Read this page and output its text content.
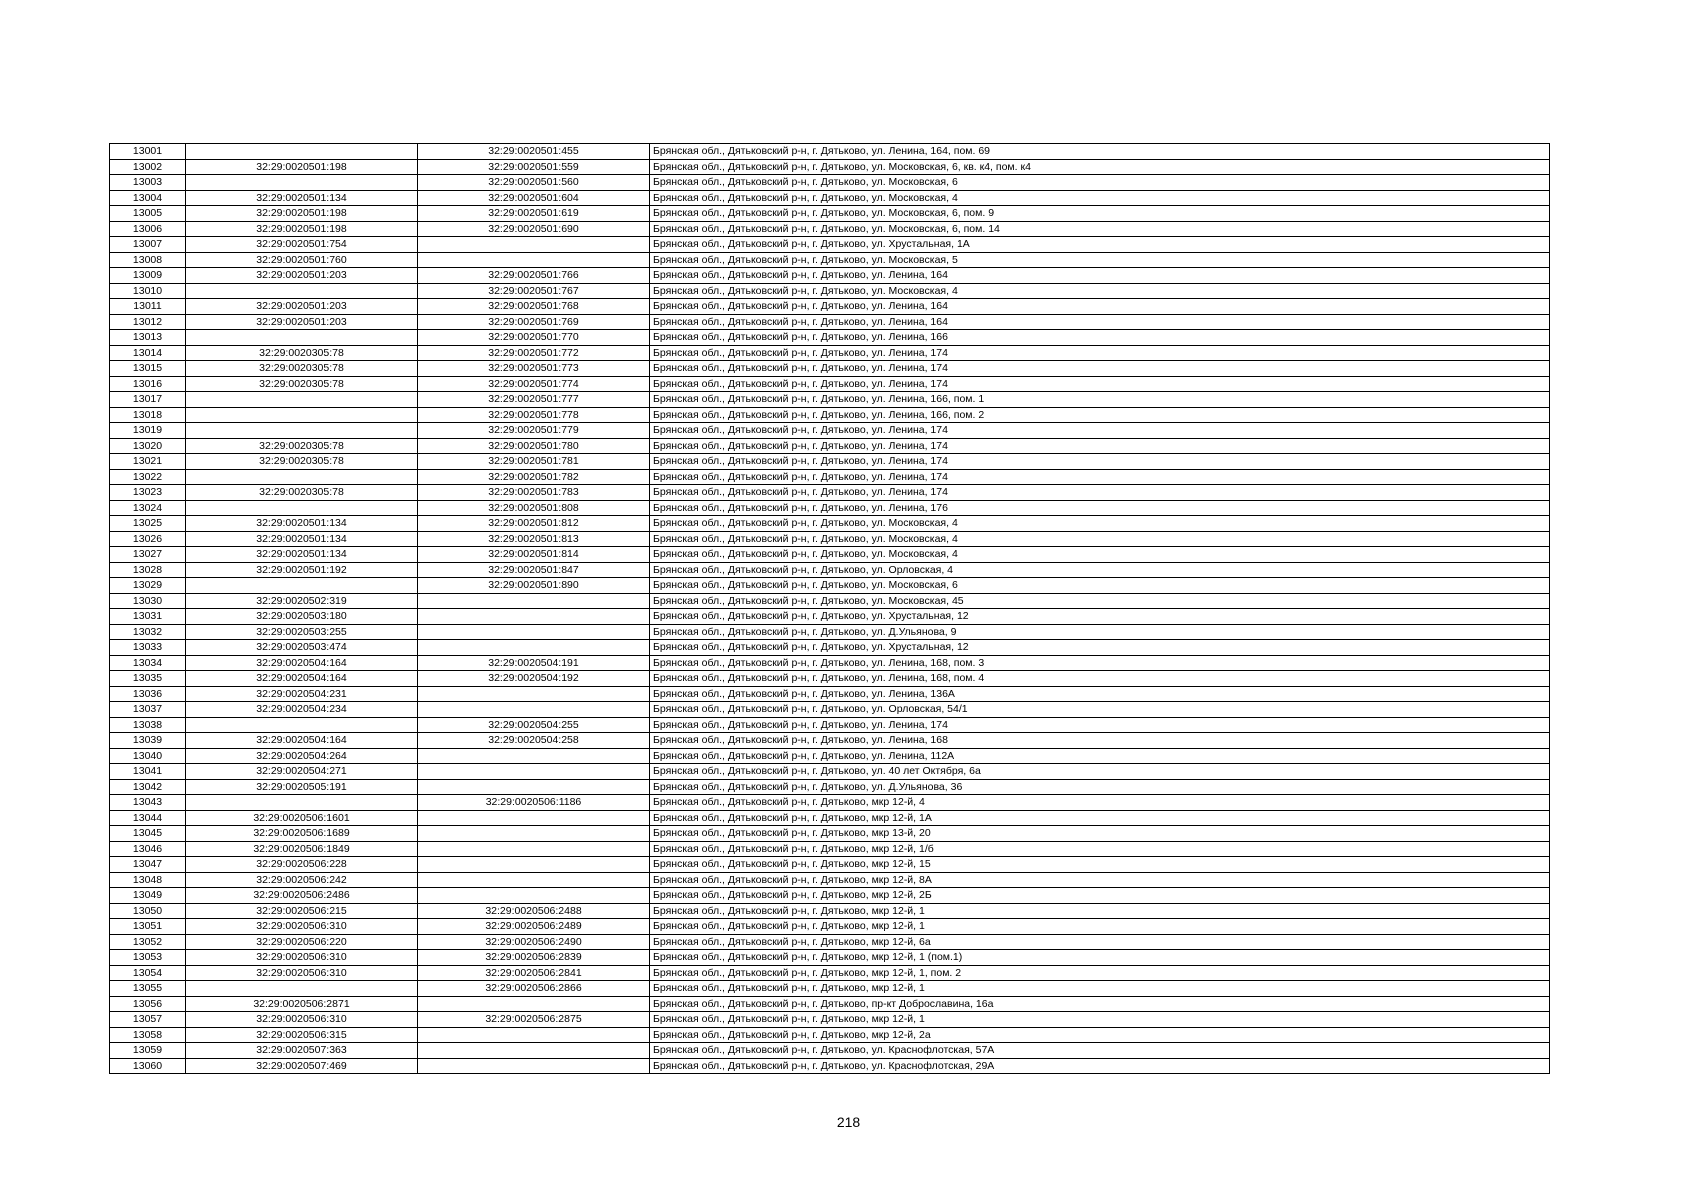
13001		32:29:0020501:455	Брянская обл., Дятьковский р-н, г. Дятьково, ул. Ленина, 164, пом. 69
13002	32:29:0020501:198	32:29:0020501:559	Брянская обл., Дятьковский р-н, г. Дятьково, ул. Московская, 6, кв. к4, пом. к4
13003		32:29:0020501:560	Брянская обл., Дятьковский р-н, г. Дятьково, ул. Московская, 6
13004	32:29:0020501:134	32:29:0020501:604	Брянская обл., Дятьковский р-н, г. Дятьково, ул. Московская, 4
13005	32:29:0020501:198	32:29:0020501:619	Брянская обл., Дятьковский р-н, г. Дятьково, ул. Московская, 6, пом. 9
13006	32:29:0020501:198	32:29:0020501:690	Брянская обл., Дятьковский р-н, г. Дятьково, ул. Московская, 6, пом. 14
13007	32:29:0020501:754		Брянская обл., Дятьковский р-н, г. Дятьково, ул. Хрустальная, 1А
13008	32:29:0020501:760		Брянская обл., Дятьковский р-н, г. Дятьково, ул. Московская, 5
13009	32:29:0020501:203	32:29:0020501:766	Брянская обл., Дятьковский р-н, г. Дятьково, ул. Ленина, 164
13010		32:29:0020501:767	Брянская обл., Дятьковский р-н, г. Дятьково, ул. Московская, 4
13011	32:29:0020501:203	32:29:0020501:768	Брянская обл., Дятьковский р-н, г. Дятьково, ул. Ленина, 164
13012	32:29:0020501:203	32:29:0020501:769	Брянская обл., Дятьковский р-н, г. Дятьково, ул. Ленина, 164
13013		32:29:0020501:770	Брянская обл., Дятьковский р-н, г. Дятьково, ул. Ленина, 166
13014	32:29:0020305:78	32:29:0020501:772	Брянская обл., Дятьковский р-н, г. Дятьково, ул. Ленина, 174
13015	32:29:0020305:78	32:29:0020501:773	Брянская обл., Дятьковский р-н, г. Дятьково, ул. Ленина, 174
13016	32:29:0020305:78	32:29:0020501:774	Брянская обл., Дятьковский р-н, г. Дятьково, ул. Ленина, 174
13017		32:29:0020501:777	Брянская обл., Дятьковский р-н, г. Дятьково, ул. Ленина, 166, пом. 1
13018		32:29:0020501:778	Брянская обл., Дятьковский р-н, г. Дятьково, ул. Ленина, 166, пом. 2
13019		32:29:0020501:779	Брянская обл., Дятьковский р-н, г. Дятьково, ул. Ленина, 174
13020	32:29:0020305:78	32:29:0020501:780	Брянская обл., Дятьковский р-н, г. Дятьково, ул. Ленина, 174
13021	32:29:0020305:78	32:29:0020501:781	Брянская обл., Дятьковский р-н, г. Дятьково, ул. Ленина, 174
13022		32:29:0020501:782	Брянская обл., Дятьковский р-н, г. Дятьково, ул. Ленина, 174
13023	32:29:0020305:78	32:29:0020501:783	Брянская обл., Дятьковский р-н, г. Дятьково, ул. Ленина, 174
13024		32:29:0020501:808	Брянская обл., Дятьковский р-н, г. Дятьково, ул. Ленина, 176
13025	32:29:0020501:134	32:29:0020501:812	Брянская обл., Дятьковский р-н, г. Дятьково, ул. Московская, 4
13026	32:29:0020501:134	32:29:0020501:813	Брянская обл., Дятьковский р-н, г. Дятьково, ул. Московская, 4
13027	32:29:0020501:134	32:29:0020501:814	Брянская обл., Дятьковский р-н, г. Дятьково, ул. Московская, 4
13028	32:29:0020501:192	32:29:0020501:847	Брянская обл., Дятьковский р-н, г. Дятьково, ул. Орловская, 4
13029		32:29:0020501:890	Брянская обл., Дятьковский р-н, г. Дятьково, ул. Московская, 6
13030	32:29:0020502:319		Брянская обл., Дятьковский р-н, г. Дятьково, ул. Московская, 45
13031	32:29:0020503:180		Брянская обл., Дятьковский р-н, г. Дятьково, ул. Хрустальная, 12
13032	32:29:0020503:255		Брянская обл., Дятьковский р-н, г. Дятьково, ул. Д.Ульянова, 9
13033	32:29:0020503:474		Брянская обл., Дятьковский р-н, г. Дятьково, ул. Хрустальная, 12
13034	32:29:0020504:164	32:29:0020504:191	Брянская обл., Дятьковский р-н, г. Дятьково, ул. Ленина, 168, пом. 3
13035	32:29:0020504:164	32:29:0020504:192	Брянская обл., Дятьковский р-н, г. Дятьково, ул. Ленина, 168, пом. 4
13036	32:29:0020504:231		Брянская обл., Дятьковский р-н, г. Дятьково, ул. Ленина, 136А
13037	32:29:0020504:234		Брянская обл., Дятьковский р-н, г. Дятьково, ул. Орловская, 54/1
13038		32:29:0020504:255	Брянская обл., Дятьковский р-н, г. Дятьково, ул. Ленина, 174
13039	32:29:0020504:164	32:29:0020504:258	Брянская обл., Дятьковский р-н, г. Дятьково, ул. Ленина, 168
13040	32:29:0020504:264		Брянская обл., Дятьковский р-н, г. Дятьково, ул. Ленина, 112А
13041	32:29:0020504:271		Брянская обл., Дятьковский р-н, г. Дятьково, ул. 40 лет Октября, 6а
13042	32:29:0020505:191		Брянская обл., Дятьковский р-н, г. Дятьково, ул. Д.Ульянова, 36
13043		32:29:0020506:1186	Брянская обл., Дятьковский р-н, г. Дятьково, мкр 12-й, 4
13044	32:29:0020506:1601		Брянская обл., Дятьковский р-н, г. Дятьково, мкр 12-й, 1А
13045	32:29:0020506:1689		Брянская обл., Дятьковский р-н, г. Дятьково, мкр 13-й, 20
13046	32:29:0020506:1849		Брянская обл., Дятьковский р-н, г. Дятьково, мкр 12-й, 1/б
13047	32:29:0020506:228		Брянская обл., Дятьковский р-н, г. Дятьково, мкр 12-й, 15
13048	32:29:0020506:242		Брянская обл., Дятьковский р-н, г. Дятьково, мкр 12-й, 8А
13049	32:29:0020506:2486		Брянская обл., Дятьковский р-н, г. Дятьково, мкр 12-й, 2Б
13050	32:29:0020506:215	32:29:0020506:2488	Брянская обл., Дятьковский р-н, г. Дятьково, мкр 12-й, 1
13051	32:29:0020506:310	32:29:0020506:2489	Брянская обл., Дятьковский р-н, г. Дятьково, мкр 12-й, 1
13052	32:29:0020506:220	32:29:0020506:2490	Брянская обл., Дятьковский р-н, г. Дятьково, мкр 12-й, 6а
13053	32:29:0020506:310	32:29:0020506:2839	Брянская обл., Дятьковский р-н, г. Дятьково, мкр 12-й, 1 (пом.1)
13054	32:29:0020506:310	32:29:0020506:2841	Брянская обл., Дятьковский р-н, г. Дятьково, мкр 12-й, 1, пом. 2
13055		32:29:0020506:2866	Брянская обл., Дятьковский р-н, г. Дятьково, мкр 12-й, 1
13056	32:29:0020506:2871		Брянская обл., Дятьковский р-н, г. Дятьково, пр-кт Доброславина, 16а
13057	32:29:0020506:310	32:29:0020506:2875	Брянская обл., Дятьковский р-н, г. Дятьково, мкр 12-й, 1
13058	32:29:0020506:315		Брянская обл., Дятьковский р-н, г. Дятьково, мкр 12-й, 2а
13059	32:29:0020507:363		Брянская обл., Дятьковский р-н, г. Дятьково, ул. Краснофлотская, 57А
13060	32:29:0020507:469		Брянская обл., Дятьковский р-н, г. Дятьково, ул. Краснофлотская, 29А
218
